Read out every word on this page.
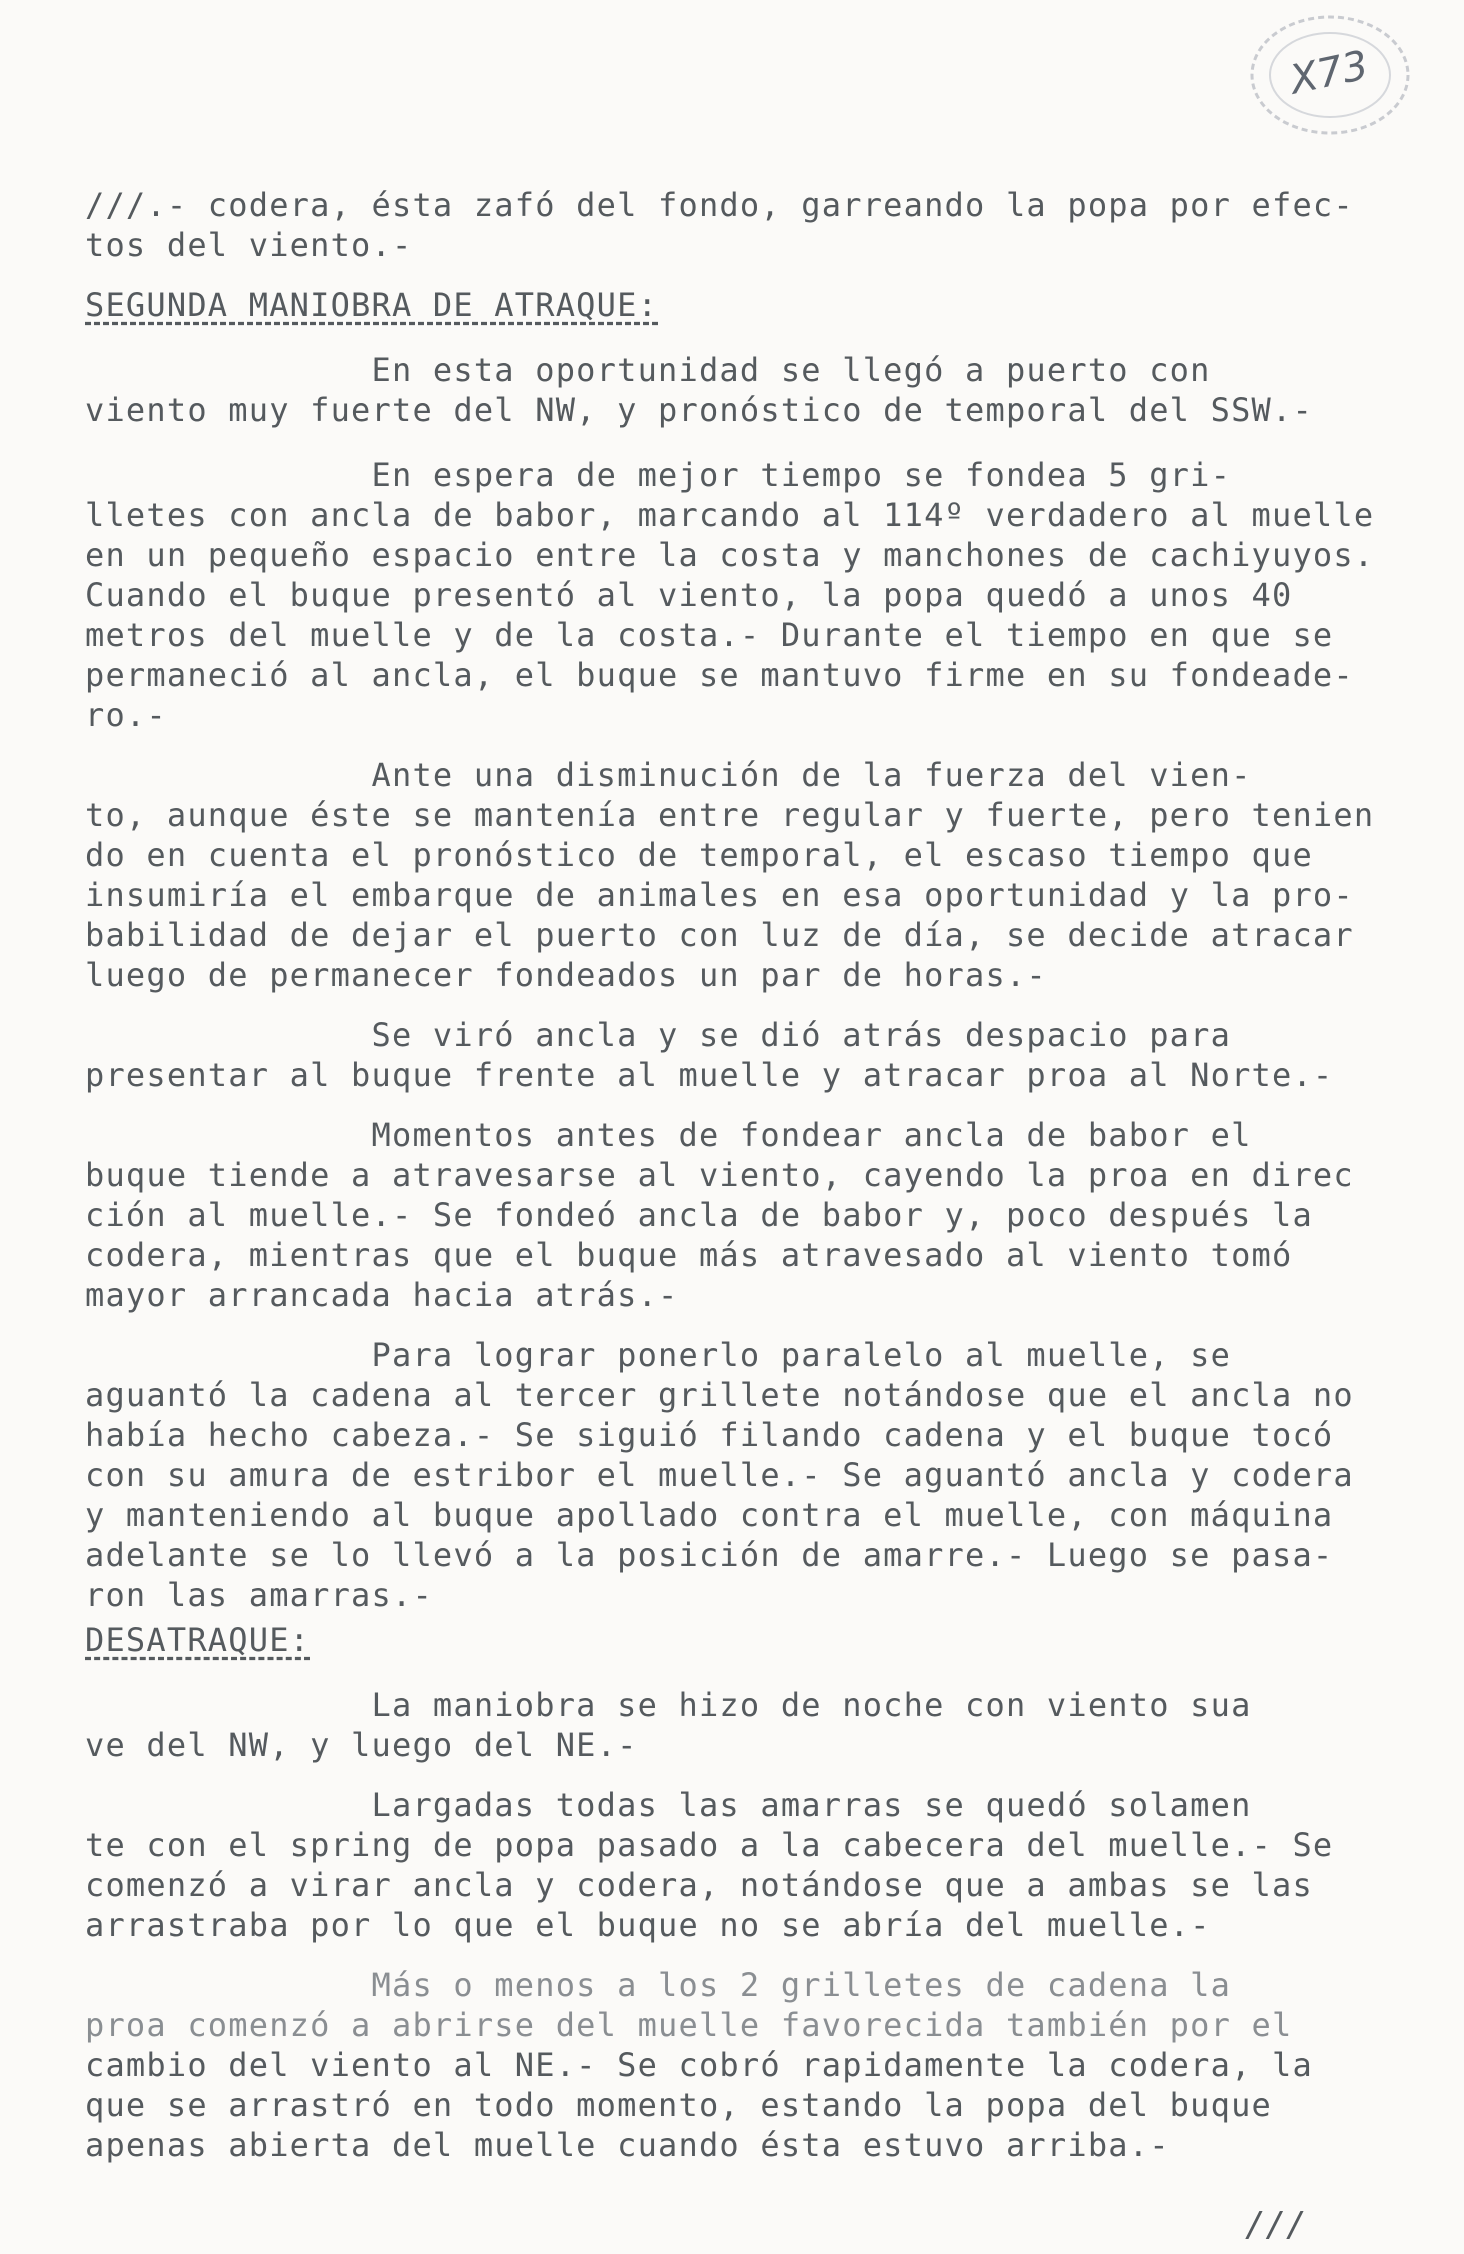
X73
///.- codera, ésta zafó del fondo, garreando la popa por efec-
tos del viento.-
SEGUNDA MANIOBRA DE ATRAQUE:
En esta oportunidad se llegó a puerto con
viento muy fuerte del NW, y pronóstico de temporal del SSW.-
En espera de mejor tiempo se fondea 5 gri-
lletes con ancla de babor, marcando al 114º verdadero al muelle
en un pequeño espacio entre la costa y manchones de cachiyuyos.
Cuando el buque presentó al viento, la popa quedó a unos 40
metros del muelle y de la costa.- Durante el tiempo en que se
permaneció al ancla, el buque se mantuvo firme en su fondeade-
ro.-
Ante una disminución de la fuerza del vien-
to, aunque éste se mantenía entre regular y fuerte, pero tenien
do en cuenta el pronóstico de temporal, el escaso tiempo que
insumiría el embarque de animales en esa oportunidad y la pro-
babilidad de dejar el puerto con luz de día, se decide atracar
luego de permanecer fondeados un par de horas.-
Se viró ancla y se dió atrás despacio para
presentar al buque frente al muelle y atracar proa al Norte.-
Momentos antes de fondear ancla de babor el
buque tiende a atravesarse al viento, cayendo la proa en direc
ción al muelle.- Se fondeó ancla de babor y, poco después la
codera, mientras que el buque más atravesado al viento tomó
mayor arrancada hacia atrás.-
Para lograr ponerlo paralelo al muelle, se
aguantó la cadena al tercer grillete notándose que el ancla no
había hecho cabeza.- Se siguió filando cadena y el buque tocó
con su amura de estribor el muelle.- Se aguantó ancla y codera
y manteniendo al buque apollado contra el muelle, con máquina
adelante se lo llevó a la posición de amarre.- Luego se pasa-
ron las amarras.-
DESATRAQUE:
La maniobra se hizo de noche con viento sua
ve del NW, y luego del NE.-
Largadas todas las amarras se quedó solamen
te con el spring de popa pasado a la cabecera del muelle.- Se
comenzó a virar ancla y codera, notándose que a ambas se las
arrastraba por lo que el buque no se abría del muelle.-
Más o menos a los 2 grilletes de cadena la
proa comenzó a abrirse del muelle favorecida también por el
cambio del viento al NE.- Se cobró rapidamente la codera, la
que se arrastró en todo momento, estando la popa del buque
apenas abierta del muelle cuando ésta estuvo arriba.-
///
